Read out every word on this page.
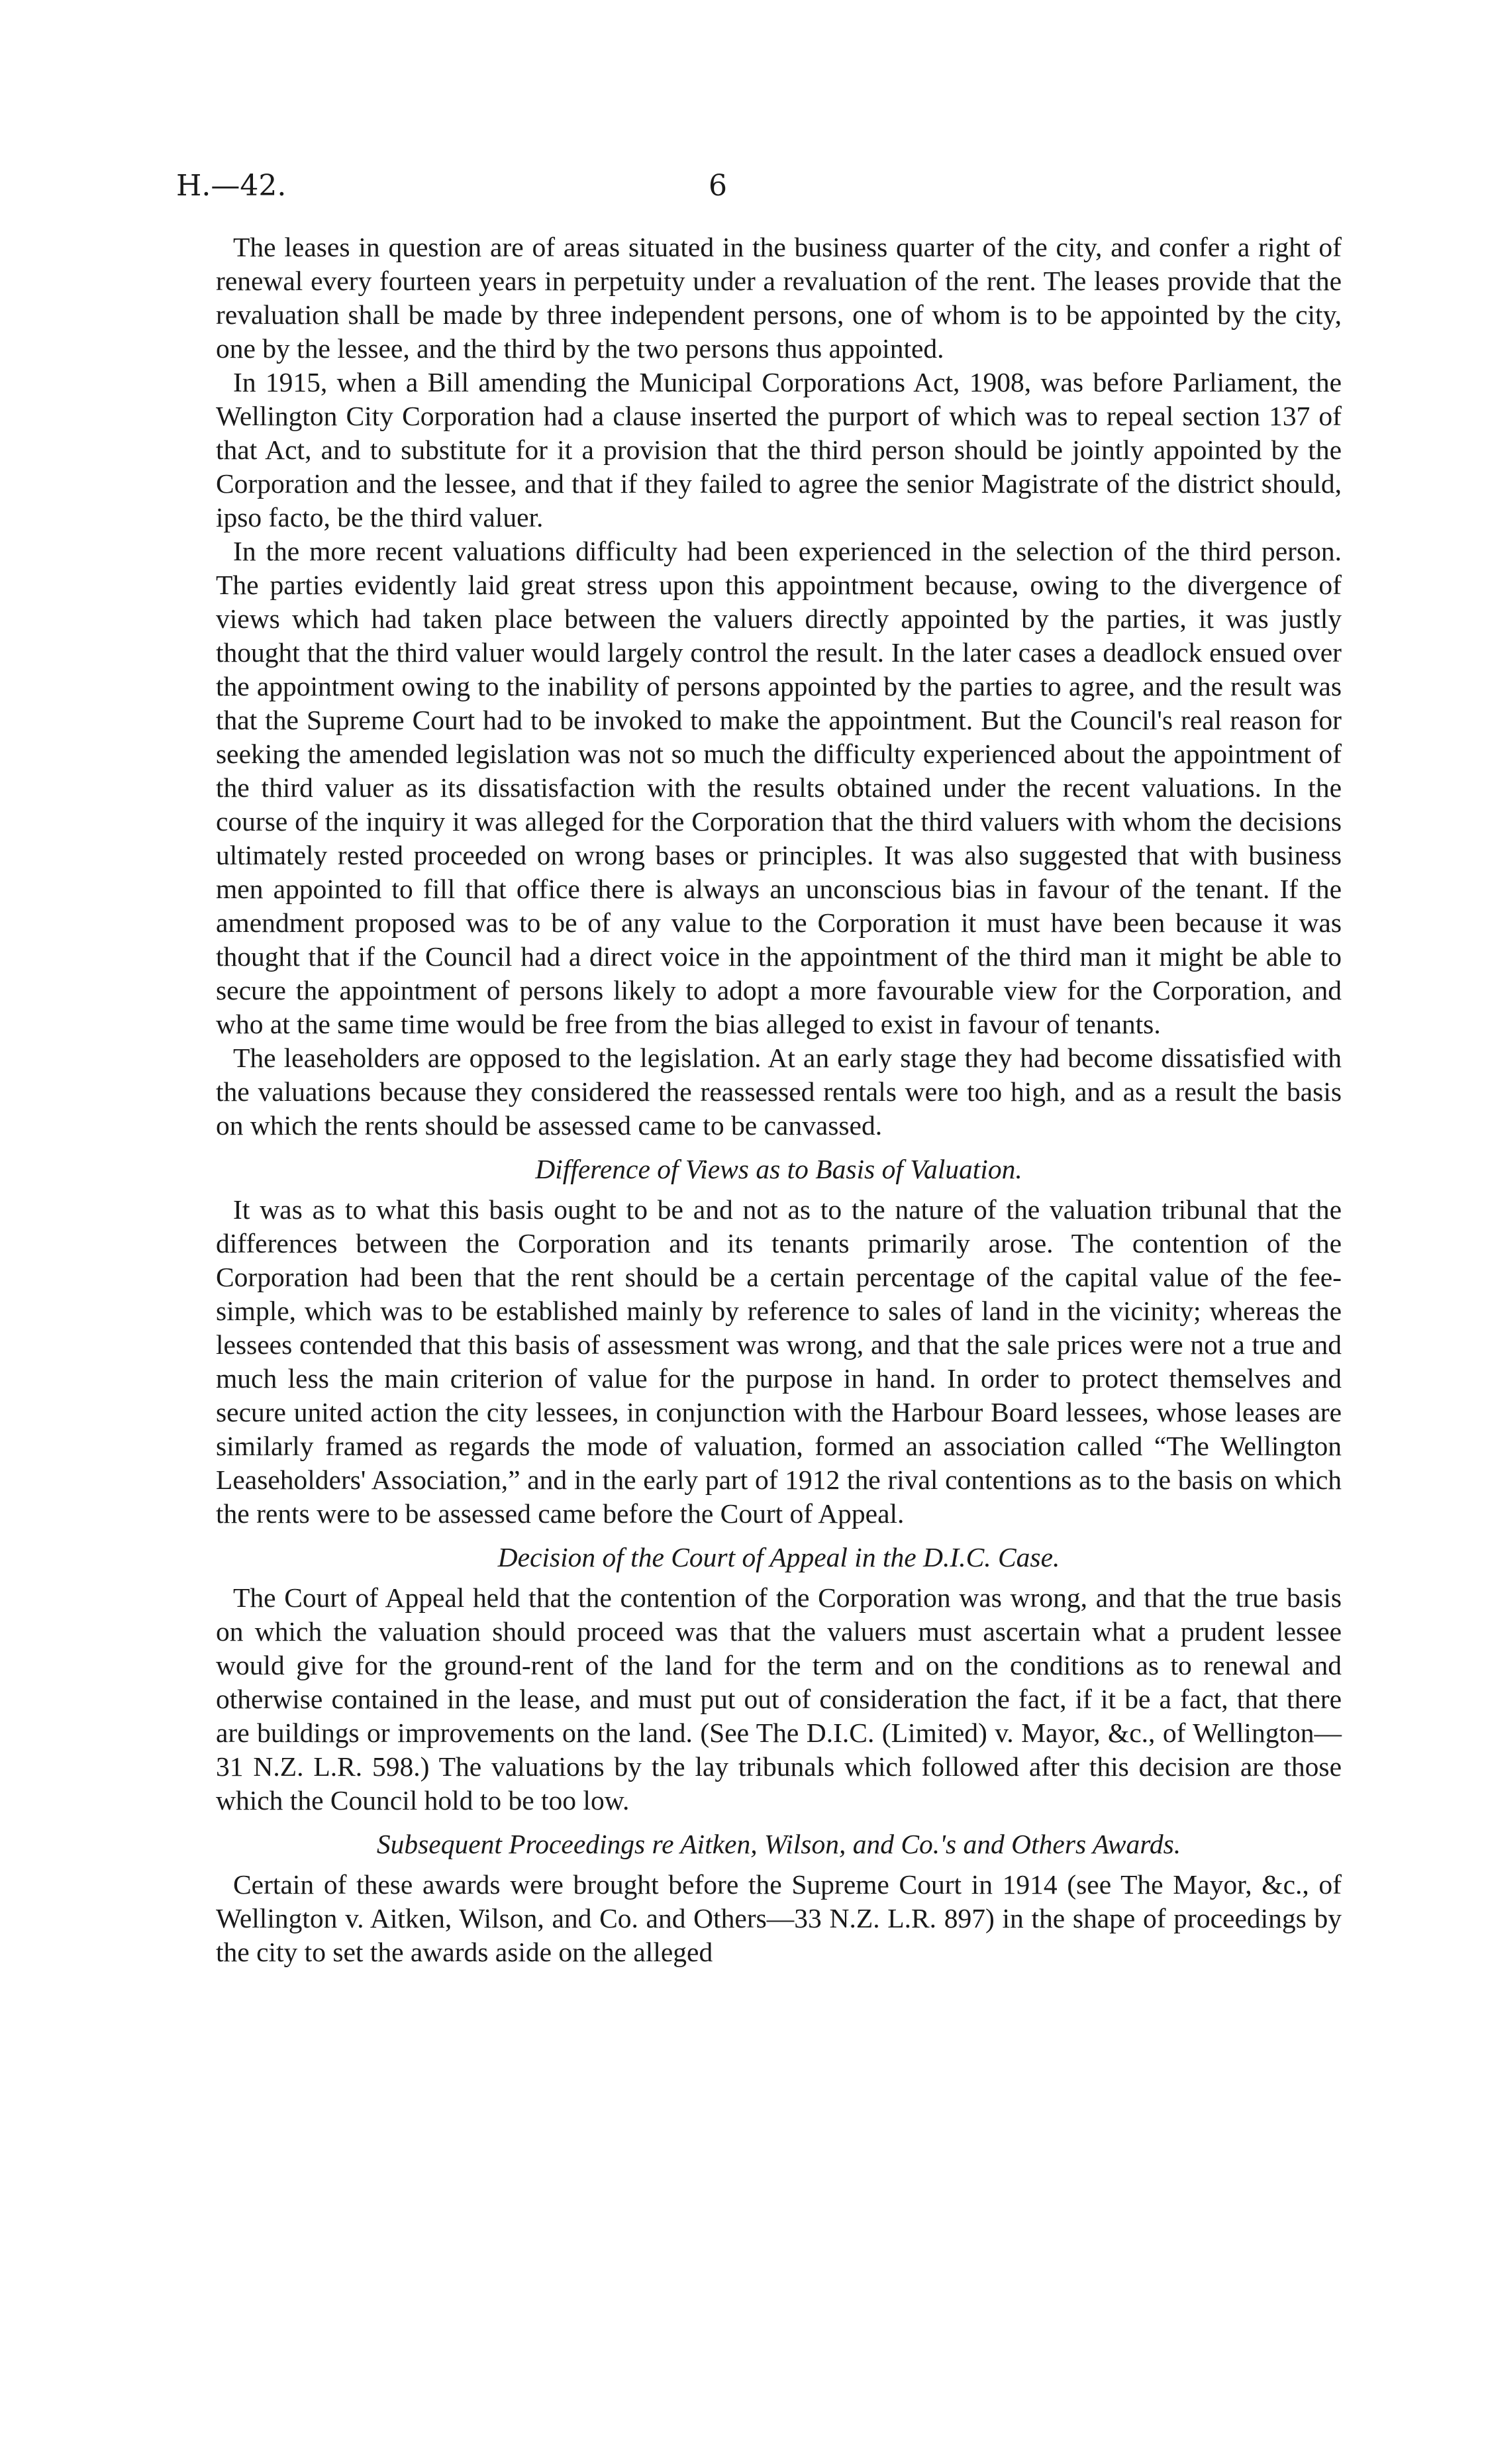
H.—42.	6

The leases in question are of areas situated in the business quarter of the city, and confer a right of renewal every fourteen years in perpetuity under a revaluation of the rent. The leases provide that the revaluation shall be made by three independent persons, one of whom is to be appointed by the city, one by the lessee, and the third by the two persons thus appointed.

In 1915, when a Bill amending the Municipal Corporations Act, 1908, was before Parliament, the Wellington City Corporation had a clause inserted the purport of which was to repeal section 137 of that Act, and to substitute for it a provision that the third person should be jointly appointed by the Corporation and the lessee, and that if they failed to agree the senior Magistrate of the district should, ipso facto, be the third valuer.

In the more recent valuations difficulty had been experienced in the selection of the third person. The parties evidently laid great stress upon this appointment because, owing to the divergence of views which had taken place between the valuers directly appointed by the parties, it was justly thought that the third valuer would largely control the result. In the later cases a deadlock ensued over the appointment owing to the inability of persons appointed by the parties to agree, and the result was that the Supreme Court had to be invoked to make the appointment. But the Council's real reason for seeking the amended legislation was not so much the difficulty experienced about the appointment of the third valuer as its dissatisfaction with the results obtained under the recent valuations. In the course of the inquiry it was alleged for the Corporation that the third valuers with whom the decisions ultimately rested proceeded on wrong bases or principles. It was also suggested that with business men appointed to fill that office there is always an unconscious bias in favour of the tenant. If the amendment proposed was to be of any value to the Corporation it must have been because it was thought that if the Council had a direct voice in the appointment of the third man it might be able to secure the appointment of persons likely to adopt a more favourable view for the Corporation, and who at the same time would be free from the bias alleged to exist in favour of tenants.

The leaseholders are opposed to the legislation. At an early stage they had become dissatisfied with the valuations because they considered the reassessed rentals were too high, and as a result the basis on which the rents should be assessed came to be canvassed.

Difference of Views as to Basis of Valuation.

It was as to what this basis ought to be and not as to the nature of the valuation tribunal that the differences between the Corporation and its tenants primarily arose. The contention of the Corporation had been that the rent should be a certain percentage of the capital value of the fee-simple, which was to be established mainly by reference to sales of land in the vicinity; whereas the lessees contended that this basis of assessment was wrong, and that the sale prices were not a true and much less the main criterion of value for the purpose in hand. In order to protect themselves and secure united action the city lessees, in conjunction with the Harbour Board lessees, whose leases are similarly framed as regards the mode of valuation, formed an association called “The Wellington Leaseholders' Association,” and in the early part of 1912 the rival contentions as to the basis on which the rents were to be assessed came before the Court of Appeal.

Decision of the Court of Appeal in the D.I.C. Case.

The Court of Appeal held that the contention of the Corporation was wrong, and that the true basis on which the valuation should proceed was that the valuers must ascertain what a prudent lessee would give for the ground-rent of the land for the term and on the conditions as to renewal and otherwise contained in the lease, and must put out of consideration the fact, if it be a fact, that there are buildings or improvements on the land. (See The D.I.C. (Limited) v. Mayor, &c., of Wellington—31 N.Z. L.R. 598.) The valuations by the lay tribunals which followed after this decision are those which the Council hold to be too low.

Subsequent Proceedings re Aitken, Wilson, and Co.'s and Others Awards.

Certain of these awards were brought before the Supreme Court in 1914 (see The Mayor, &c., of Wellington v. Aitken, Wilson, and Co. and Others—33 N.Z. L.R. 897) in the shape of proceedings by the city to set the awards aside on the alleged
